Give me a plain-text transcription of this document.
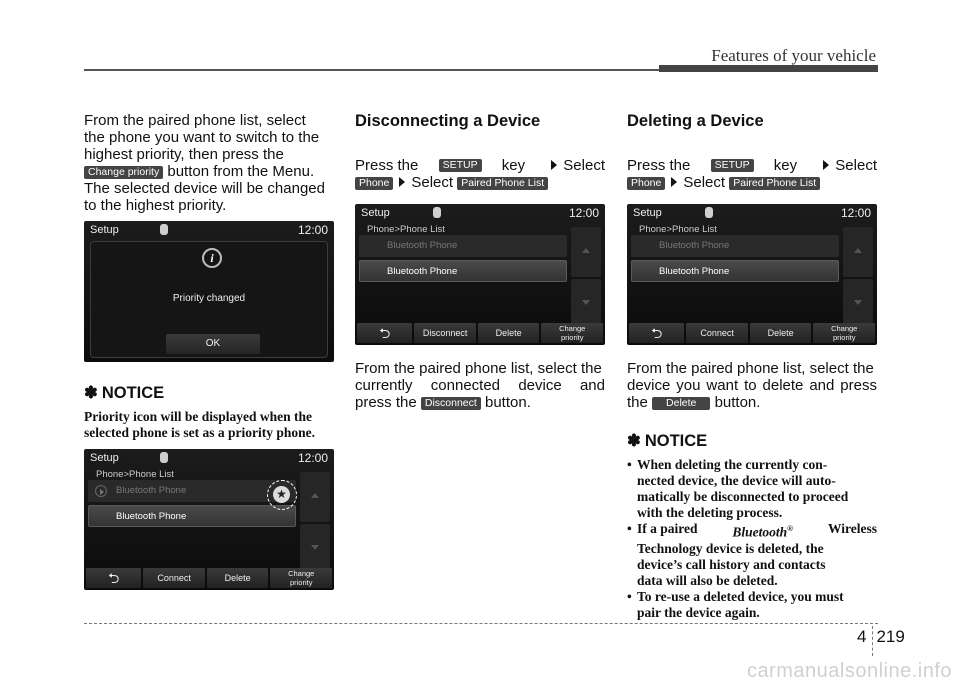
Features of your vehicle
From the paired phone list, select
the phone you want to switch to the
highest priority, then press the
Change priority button from the Menu.
The selected device will be changed
to the highest priority.
Setup	12:00
i
Priority changed
OK
✽ NOTICE
Priority icon will be displayed when the
selected phone is set as a priority phone.
Setup	12:00
Phone>Phone List
Bluetooth Phone
Bluetooth Phone
★
⮌	Connect	Delete	Change
priority
Disconnecting a Device
Press the	SETUP key	Select
Phone Select Paired Phone List
Setup	12:00
Phone>Phone List
Bluetooth Phone
Bluetooth Phone
⮌	Disconnect	Delete	Change
priority
From the paired phone list, select the
currently connected device and
press the Disconnect button.
Deleting a Device
Press the	SETUP key	Select
Phone Select Paired Phone List
Setup	12:00
Phone>Phone List
Bluetooth Phone
Bluetooth Phone
⮌	Connect	Delete	Change
priority
From the paired phone list, select the
device you want to delete and press
the Delete button.
✽ NOTICE
• When deleting the currently con-
nected device, the device will auto-
matically be disconnected to proceed
with the deleting process.
• If a paired	Bluetooth®	Wireless
Technology device is deleted, the
device’s call history and contacts
data will also be deleted.
• To re-use a deleted device, you must
pair the device again.
4 219
carmanualsonline.info
